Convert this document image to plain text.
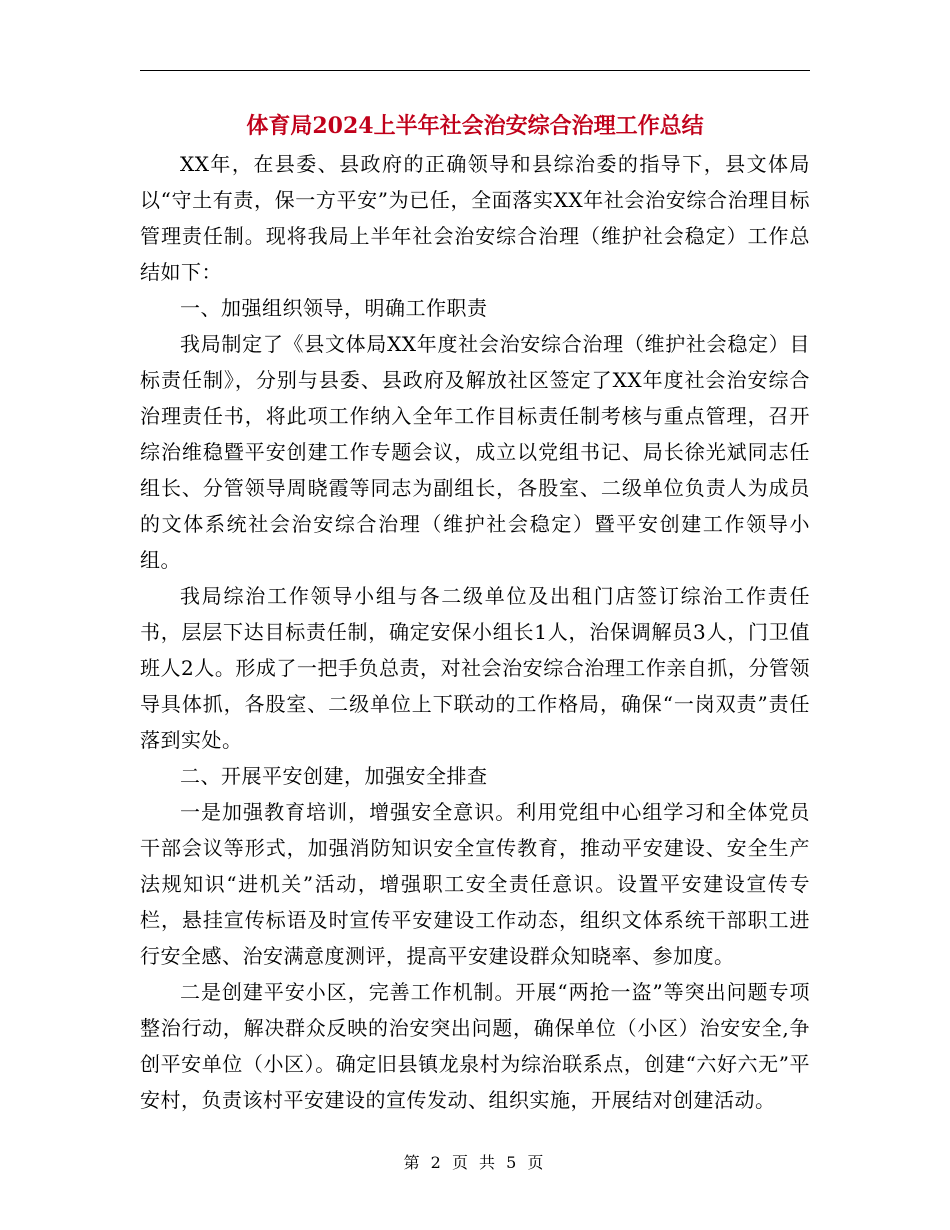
体育局2024上半年社会治安综合治理工作总结

XX年，在县委、县政府的正确领导和县综治委的指导下，县文体局以“守土有责，保一方平安”为已任，全面落实XX年社会治安综合治理目标管理责任制。现将我局上半年社会治安综合治理（维护社会稳定）工作总结如下：

一、加强组织领导，明确工作职责

我局制定了《县文体局XX年度社会治安综合治理（维护社会稳定）目标责任制》，分别与县委、县政府及解放社区签定了XX年度社会治安综合治理责任书，将此项工作纳入全年工作目标责任制考核与重点管理，召开综治维稳暨平安创建工作专题会议，成立以党组书记、局长徐光斌同志任组长、分管领导周晓霞等同志为副组长，各股室、二级单位负责人为成员的文体系统社会治安综合治理（维护社会稳定）暨平安创建工作领导小组。

我局综治工作领导小组与各二级单位及出租门店签订综治工作责任书，层层下达目标责任制，确定安保小组长1人，治保调解员3人，门卫值班人2人。形成了一把手负总责，对社会治安综合治理工作亲自抓，分管领导具体抓，各股室、二级单位上下联动的工作格局，确保“一岗双责”责任落到实处。

二、开展平安创建，加强安全排查

一是加强教育培训，增强安全意识。利用党组中心组学习和全体党员干部会议等形式，加强消防知识安全宣传教育，推动平安建设、安全生产法规知识“进机关”活动，增强职工安全责任意识。设置平安建设宣传专栏，悬挂宣传标语及时宣传平安建设工作动态，组织文体系统干部职工进行安全感、治安满意度测评，提高平安建设群众知晓率、参加度。

二是创建平安小区，完善工作机制。开展“两抢一盗”等突出问题专项整治行动，解决群众反映的治安突出问题，确保单位（小区）治安安全,争创平安单位（小区）。确定旧县镇龙泉村为综治联系点，创建“六好六无”平安村，负责该村平安建设的宣传发动、组织实施，开展结对创建活动。

第 2 页 共 5 页
